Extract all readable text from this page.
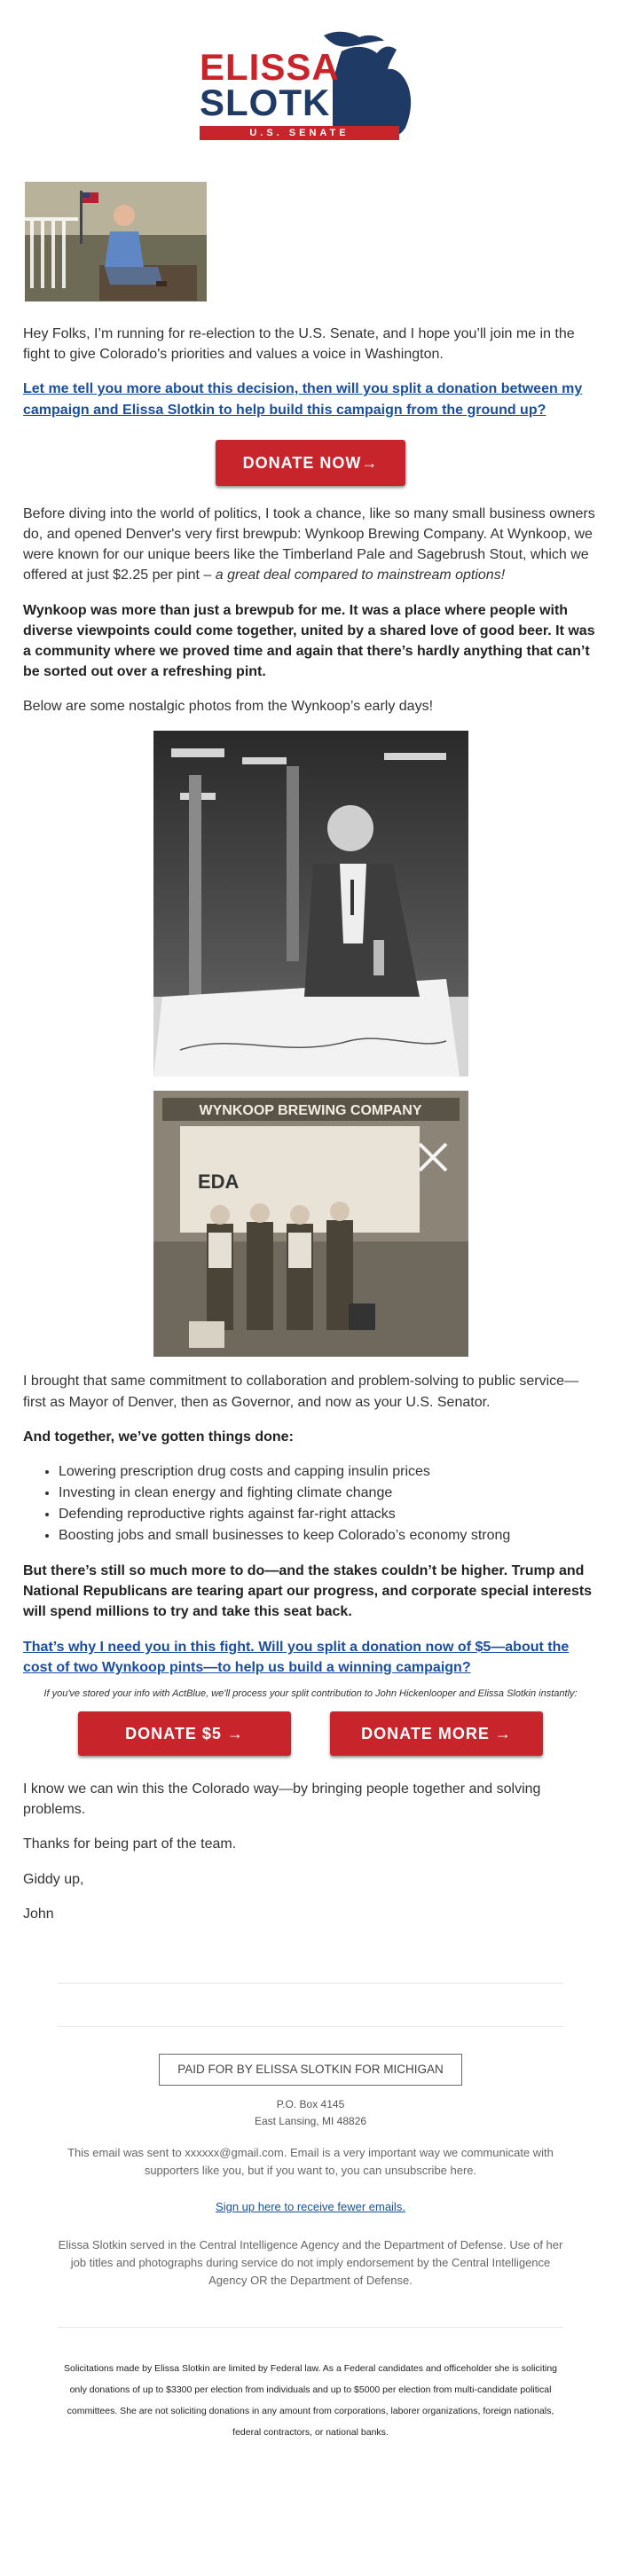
ELISSA
SLOTKIN
U.S. SENATE

Hey Folks, I’m running for re-election to the U.S. Senate, and I hope you’ll join me in the fight to give Colorado's priorities and values a voice in Washington.

Let me tell you more about this decision, then will you split a donation between my campaign and Elissa Slotkin to help build this campaign from the ground up?
DONATE NOW→

Before diving into the world of politics, I took a chance, like so many small business owners do, and opened Denver's very first brewpub: Wynkoop Brewing Company. At Wynkoop, we were known for our unique beers like the Timberland Pale and Sagebrush Stout, which we offered at just $2.25 per pint – a great deal compared to mainstream options!

Wynkoop was more than just a brewpub for me. It was a place where people with diverse viewpoints could come together, united by a shared love of good beer. It was a community where we proved time and again that there’s hardly anything that can’t be sorted out over a refreshing pint.

Below are some nostalgic photos from the Wynkoop’s early days!

WYNKOOP BREWING COMPANY
EDA

I brought that same commitment to collaboration and problem-solving to public service—first as Mayor of Denver, then as Governor, and now as your U.S. Senator.

And together, we’ve gotten things done:

• Lowering prescription drug costs and capping insulin prices
• Investing in clean energy and fighting climate change
• Defending reproductive rights against far-right attacks
• Boosting jobs and small businesses to keep Colorado’s economy strong

But there’s still so much more to do—and the stakes couldn’t be higher. Trump and National Republicans are tearing apart our progress, and corporate special interests will spend millions to try and take this seat back.

That’s why I need you in this fight. Will you split a donation now of $5—about the cost of two Wynkoop pints—to help us build a winning campaign?

If you've stored your info with ActBlue, we'll process your split contribution to John Hickenlooper and Elissa Slotkin instantly:

DONATE $5 →	DONATE MORE →

I know we can win this the Colorado way—by bringing people together and solving problems.

Thanks for being part of the team.

Giddy up,

John

PAID FOR BY ELISSA SLOTKIN FOR MICHIGAN
P.O. Box 4145
East Lansing, MI 48826

This email was sent to xxxxxx@gmail.com. Email is a very important way we communicate with supporters like you, but if you want to, you can unsubscribe here.

Sign up here to receive fewer emails.

Elissa Slotkin served in the Central Intelligence Agency and the Department of Defense. Use of her job titles and photographs during service do not imply endorsement by the Central Intelligence Agency OR the Department of Defense.

Solicitations made by Elissa Slotkin are limited by Federal law. As a Federal candidates and officeholder she is soliciting only donations of up to $3300 per election from individuals and up to $5000 per election from multi-candidate political committees. She are not soliciting donations in any amount from corporations, laborer organizations, foreign nationals, federal contractors, or national banks.
